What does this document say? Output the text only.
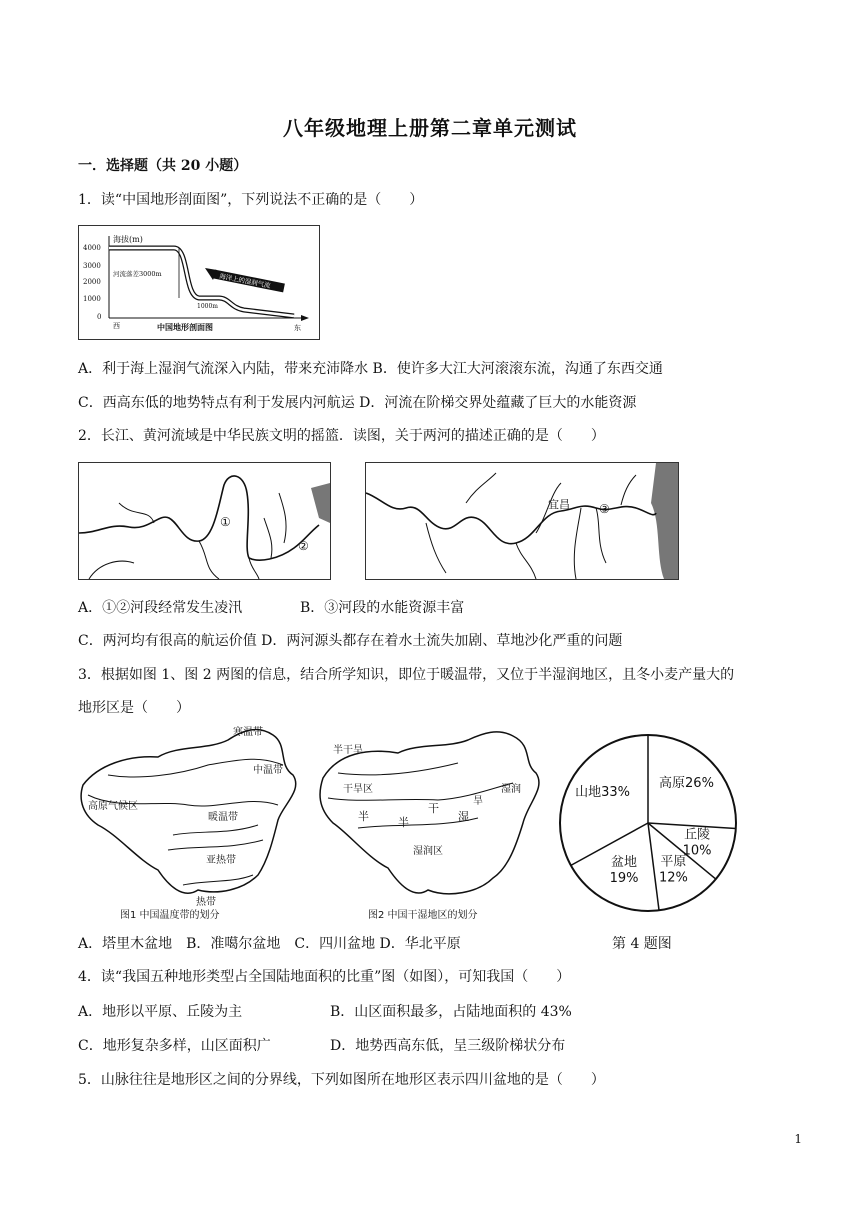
八年级地理上册第二章单元测试
一．选择题（共 20 小题）
1．读“中国地形剖面图”，下列说法不正确的是（　　）
海拔(m)
4000
3000
2000
1000
0
河流落差3000m
1000m
海洋上的湿润气流
西	东
中国地形剖面图
A．利于海上湿润气流深入内陆，带来充沛降水 B．使许多大江大河滚滚东流，沟通了东西交通
C．西高东低的地势特点有利于发展内河航运 D．河流在阶梯交界处蕴藏了巨大的水能资源
2．长江、黄河流域是中华民族文明的摇篮．读图，关于两河的描述正确的是（　　）
①
②
宜昌 ③
A．①②河段经常发生凌汛	B．③河段的水能资源丰富
C．两河均有很高的航运价值 D．两河源头都存在着水土流失加剧、草地沙化严重的问题
3．根据如图 1、图 2 两图的信息，结合所学知识，即位于暖温带，又位于半湿润地区，且冬小麦产量大的
地形区是（　　）
寒温带
中温带
高原气候区
暖温带
亚热带
热带
图1 中国温度带的划分
半干旱
干旱区
旱
湿润
半
干
半	湿
湿润区
图2 中国干湿地区的划分
高原26%
丘陵 10%
平原 12%
盆地 19%
山地33%
A．塔里木盆地　B．准噶尔盆地　C．四川盆地 D．华北平原	第 4 题图
4．读“我国五种地形类型占全国陆地面积的比重”图（如图），可知我国（　　）
A．地形以平原、丘陵为主	B．山区面积最多，占陆地面积的 43%
C．地形复杂多样，山区面积广	D．地势西高东低，呈三级阶梯状分布
5．山脉往往是地形区之间的分界线，下列如图所在地形区表示四川盆地的是（　　）
1
